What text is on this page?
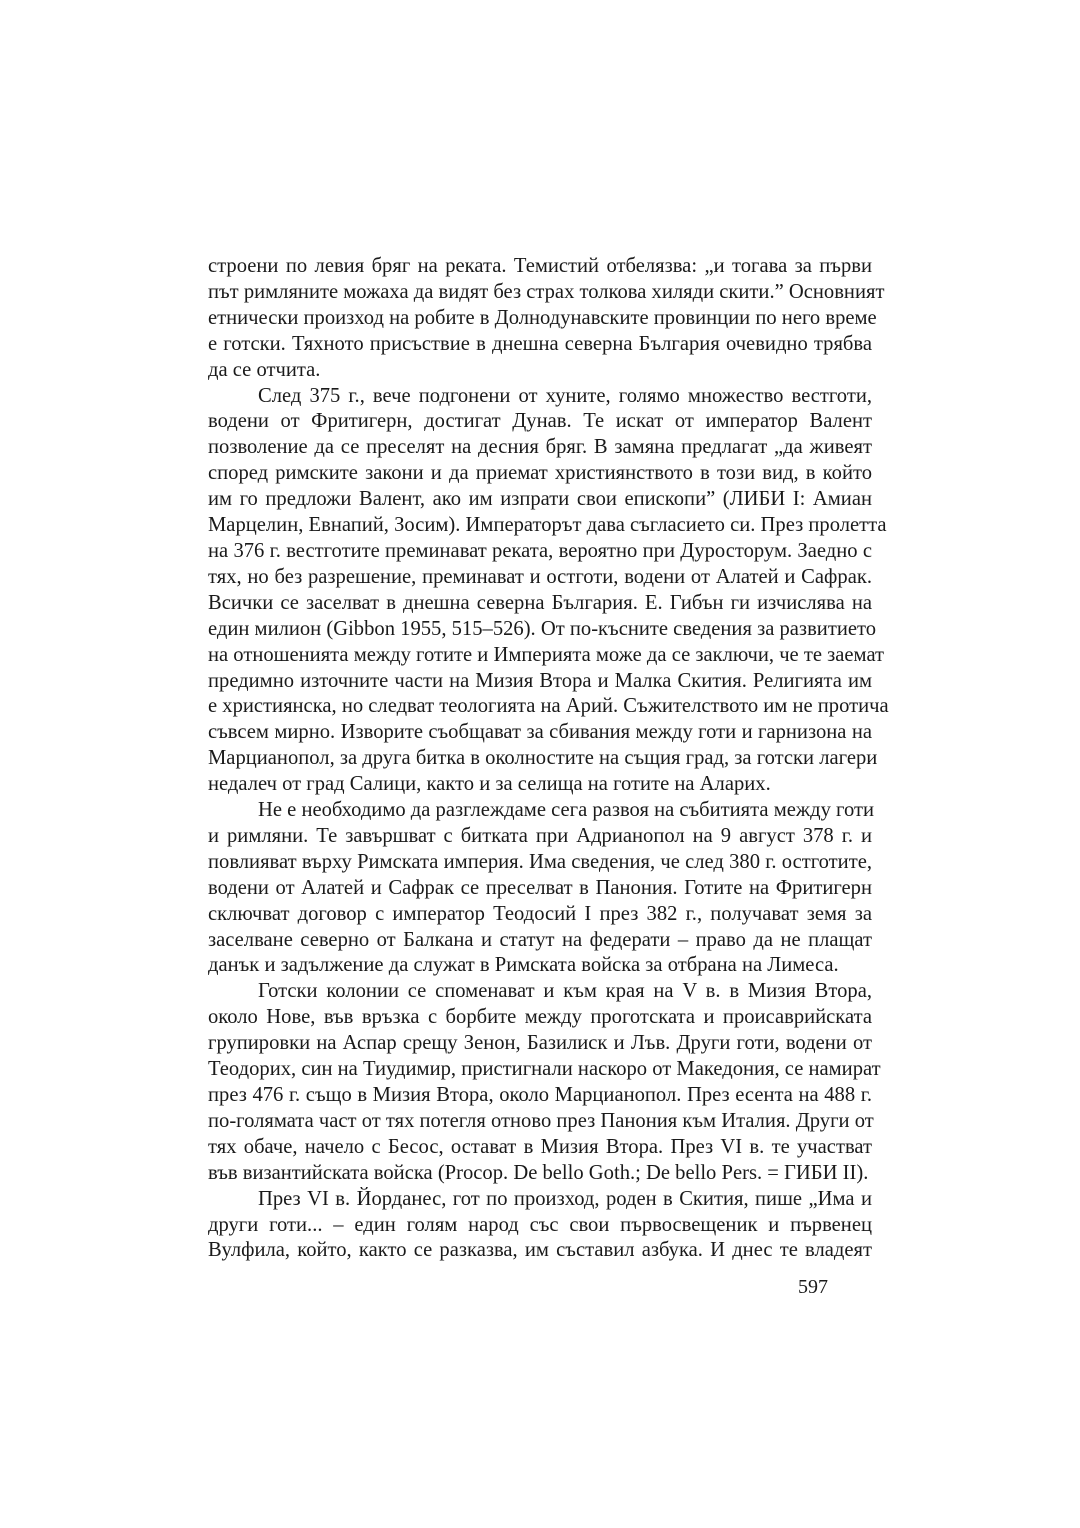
строени по левия бряг на реката. Темистий отбелязва: „и тогава за първи
път римляните можаха да видят без страх толкова хиляди скити.” Основният
етнически произход на робите в Долнодунавските провинции по него време
е готски. Тяхното присъствие в днешна северна България очевидно трябва
да се отчита.
След 375 г., вече подгонени от хуните, голямо множество вестготи,
водени от Фритигерн, достигат Дунав. Те искат от император Валент
позволение да се преселят на десния бряг. В замяна предлагат „да живеят
според римските закони и да приемат християнството в този вид, в който
им го предложи Валент, ако им изпрати свои епископи” (ЛИБИ I: Амиан
Марцелин, Евнапий, Зосим). Императорът дава съгласието си. През пролетта
на 376 г. вестготите преминават реката, вероятно при Дуросторум. Заедно с
тях, но без разрешение, преминават и остготи, водени от Алатей и Сафрак.
Всички се заселват в днешна северна България. Е. Гибън ги изчислява на
един милион (Gibbon 1955, 515–526). От по-късните сведения за развитието
на отношенията между готите и Империята може да се заключи, че те заемат
предимно източните части на Мизия Втора и Малка Скития. Религията им
е християнска, но следват теологията на Арий. Съжителството им не протича
съвсем мирно. Изворите съобщават за сбивания между готи и гарнизона на
Марцианопол, за друга битка в околностите на същия град, за готски лагери
недалеч от град Салици, както и за селища на готите на Аларих.
Не е необходимо да разглеждаме сега развоя на събитията между готи
и римляни. Те завършват с битката при Адрианопол на 9 август 378 г. и
повлияват върху Римската империя. Има сведения, че след 380 г. остготите,
водени от Алатей и Сафрак се преселват в Панония. Готите на Фритигерн
сключват договор с император Теодосий I през 382 г., получават земя за
заселване северно от Балкана и статут на федерати – право да не плащат
данък и задължение да служат в Римската войска за отбрана на Лимеса.
Готски колонии се споменават и към края на V в. в Мизия Втора,
около Нове, във връзка с борбите между проготската и происаврийската
групировки на Аспар срещу Зенон, Базилиск и Лъв. Други готи, водени от
Теодорих, син на Тиудимир, пристигнали наскоро от Македония, се намират
през 476 г. също в Мизия Втора, около Марцианопол. През есента на 488 г.
по-голямата част от тях потегля отново през Панония към Италия. Други от
тях обаче, начело с Бесос, остават в Мизия Втора. През VI в. те участват
във византийската войска (Procop. De bello Goth.; De bello Pers. = ГИБИ II).
През VI в. Йорданес, гот по произход, роден в Скития, пише „Има и
други готи... – един голям народ със свои първосвещеник и първенец
Вулфила, който, както се разказва, им съставил азбука. И днес те владеят
597
